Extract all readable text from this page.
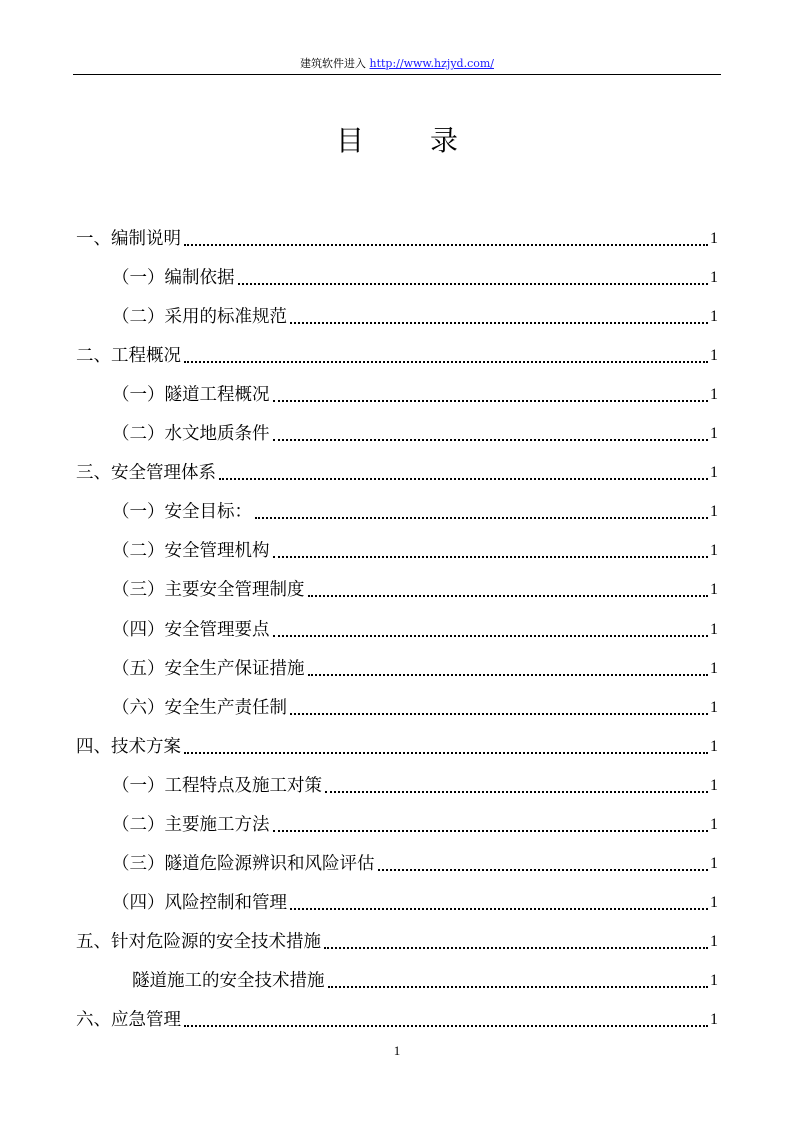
建筑软件进入 http://www.hzjyd.com/
目 录
一、编制说明	1
（一）编制依据	1
（二）采用的标准规范	1
二、工程概况	1
（一）隧道工程概况	1
（二）水文地质条件	1
三、安全管理体系	1
（一）安全目标：	1
（二）安全管理机构	1
（三）主要安全管理制度	1
（四）安全管理要点	1
（五）安全生产保证措施	1
（六）安全生产责任制	1
四、技术方案	1
（一）工程特点及施工对策	1
（二）主要施工方法	1
（三）隧道危险源辨识和风险评估	1
（四）风险控制和管理	1
五、针对危险源的安全技术措施	1
隧道施工的安全技术措施	1
六、应急管理	1
1
